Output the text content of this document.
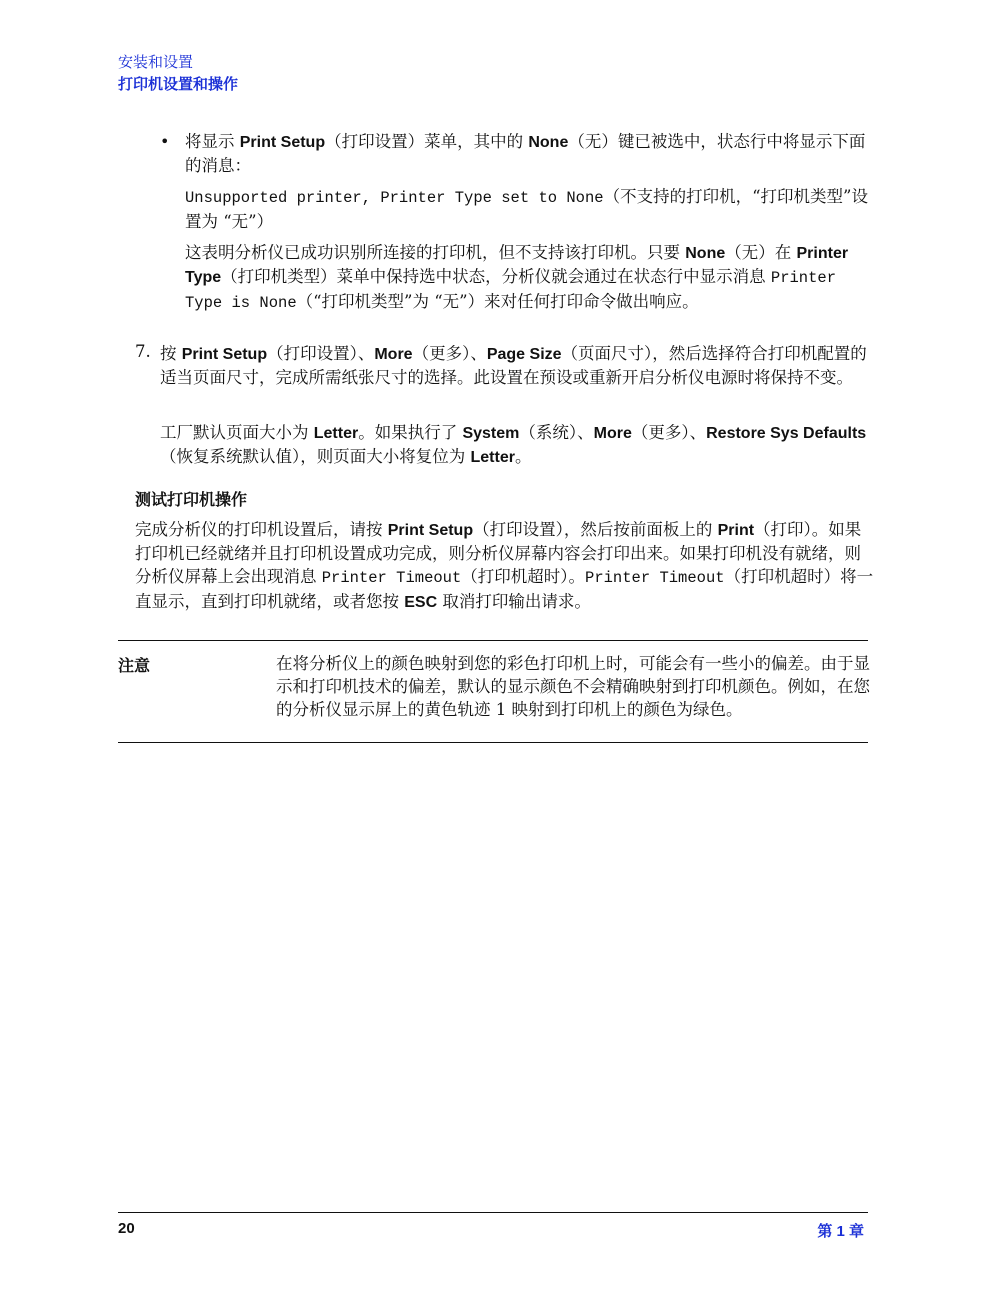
安装和设置
打印机设置和操作
• 将显示 Print Setup（打印设置）菜单，其中的 None（无）键已被选中，状态行中将显示下面的消息：

Unsupported printer, Printer Type set to None（不支持的打印机，“打印机类型”设置为 “无”）

这表明分析仪已成功识别所连接的打印机，但不支持该打印机。只要 None（无）在 Printer Type（打印机类型）菜单中保持选中状态，分析仪就会通过在状态行中显示消息 Printer Type is None（“打印机类型”为 “无”）来对任何打印命令做出响应。

7. 按 Print Setup（打印设置）、More（更多）、Page Size（页面尺寸），然后选择符合打印机配置的适当页面尺寸，完成所需纸张尺寸的选择。此设置在预设或重新开启分析仪电源时将保持不变。

工厂默认页面大小为 Letter。如果执行了 System（系统）、More（更多）、Restore Sys Defaults（恢复系统默认值），则页面大小将复位为 Letter。

测试打印机操作

完成分析仪的打印机设置后，请按 Print Setup（打印设置），然后按前面板上的 Print（打印）。如果打印机已经就绪并且打印机设置成功完成，则分析仪屏幕内容会打印出来。如果打印机没有就绪，则分析仪屏幕上会出现消息 Printer Timeout（打印机超时）。Printer Timeout（打印机超时）将一直显示，直到打印机就绪，或者您按 ESC 取消打印输出请求。

注意	在将分析仪上的颜色映射到您的彩色打印机上时，可能会有一些小的偏差。由于显示和打印机技术的偏差，默认的显示颜色不会精确映射到打印机颜色。例如，在您的分析仪显示屏上的黄色轨迹 1 映射到打印机上的颜色为绿色。

20	第 1 章
